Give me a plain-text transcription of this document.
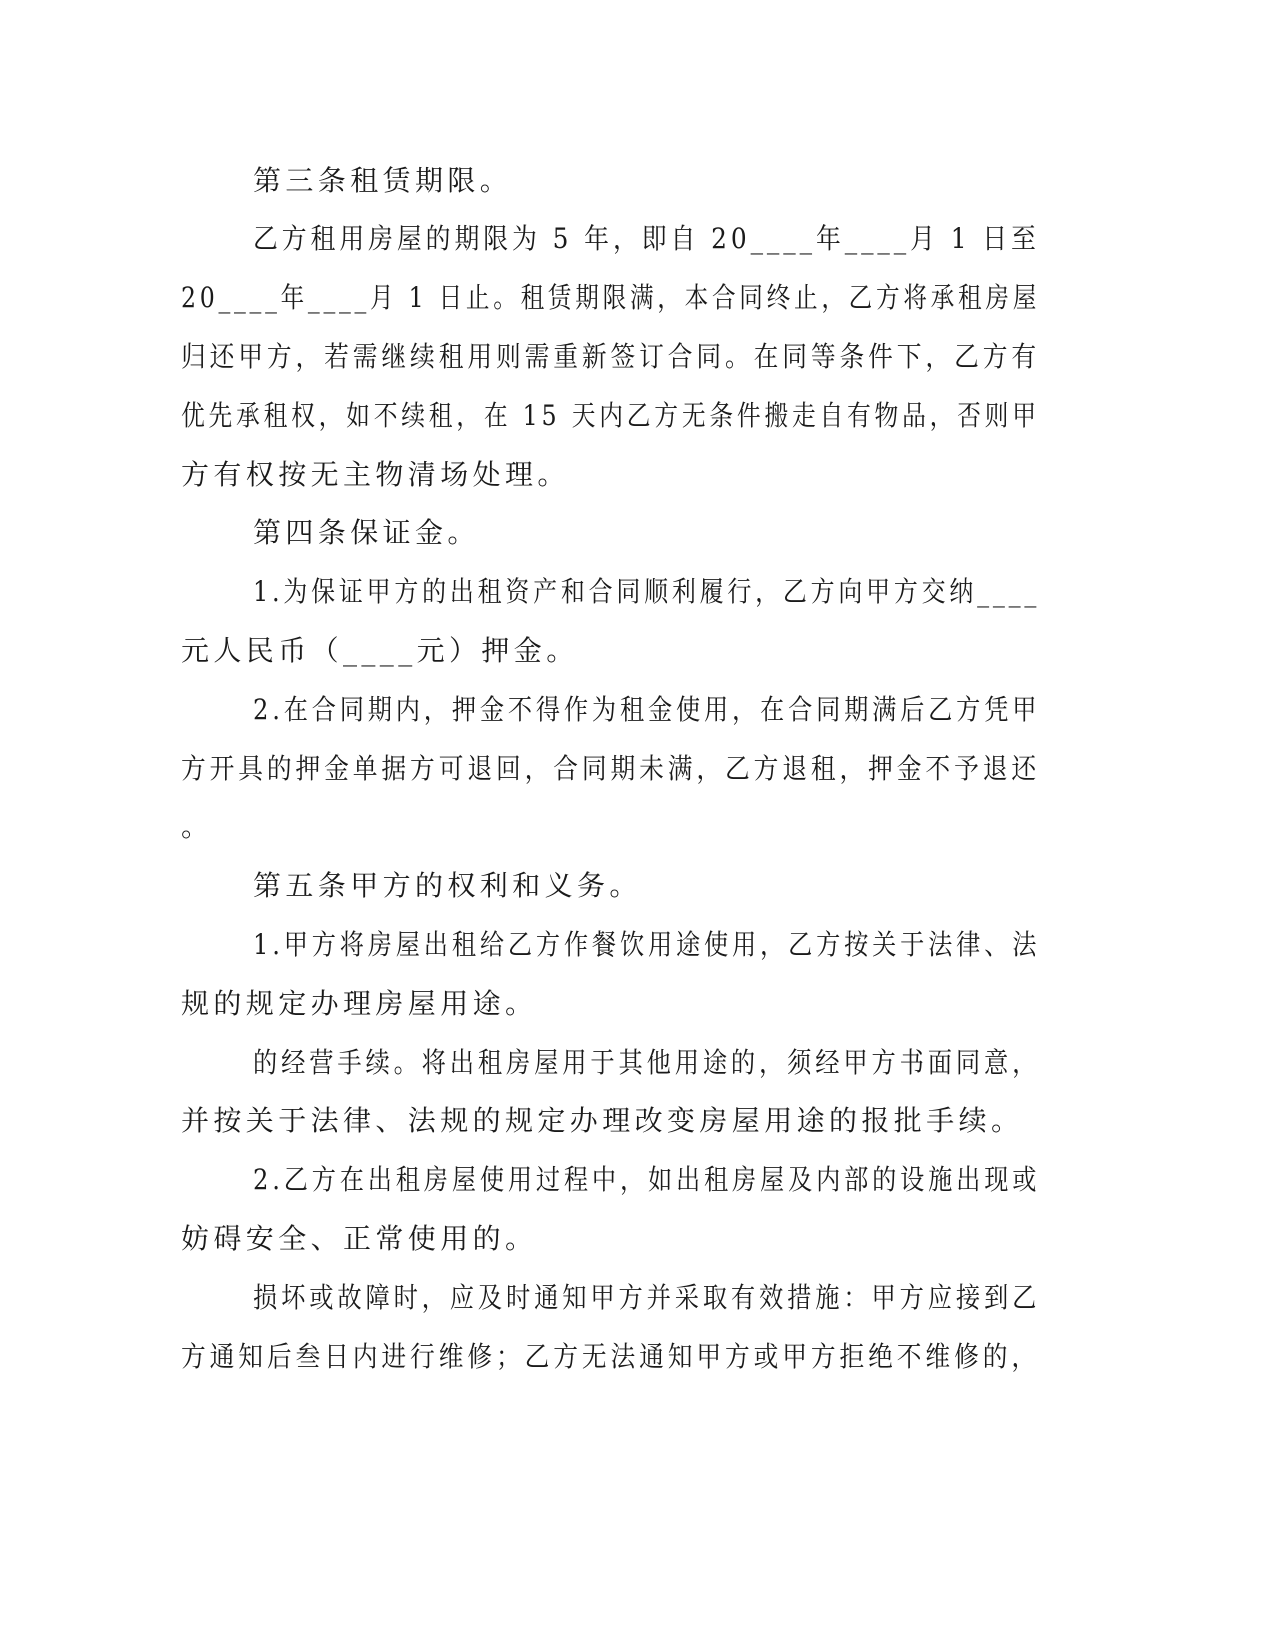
第三条租赁期限。
乙方租用房屋的期限为 5 年，即自 20____年____月 1 日至
20____年____月 1 日止。租赁期限满，本合同终止，乙方将承租房屋
归还甲方，若需继续租用则需重新签订合同。在同等条件下，乙方有
优先承租权，如不续租，在 15 天内乙方无条件搬走自有物品，否则甲
方有权按无主物清场处理。
第四条保证金。
1.为保证甲方的出租资产和合同顺利履行，乙方向甲方交纳____
元人民币（____元）押金。
2.在合同期内，押金不得作为租金使用，在合同期满后乙方凭甲
方开具的押金单据方可退回，合同期未满，乙方退租，押金不予退还
。
第五条甲方的权利和义务。
1.甲方将房屋出租给乙方作餐饮用途使用，乙方按关于法律、法
规的规定办理房屋用途。
的经营手续。将出租房屋用于其他用途的，须经甲方书面同意，
并按关于法律、法规的规定办理改变房屋用途的报批手续。
2.乙方在出租房屋使用过程中，如出租房屋及内部的设施出现或
妨碍安全、正常使用的。
损坏或故障时，应及时通知甲方并采取有效措施：甲方应接到乙
方通知后叁日内进行维修；乙方无法通知甲方或甲方拒绝不维修的，
